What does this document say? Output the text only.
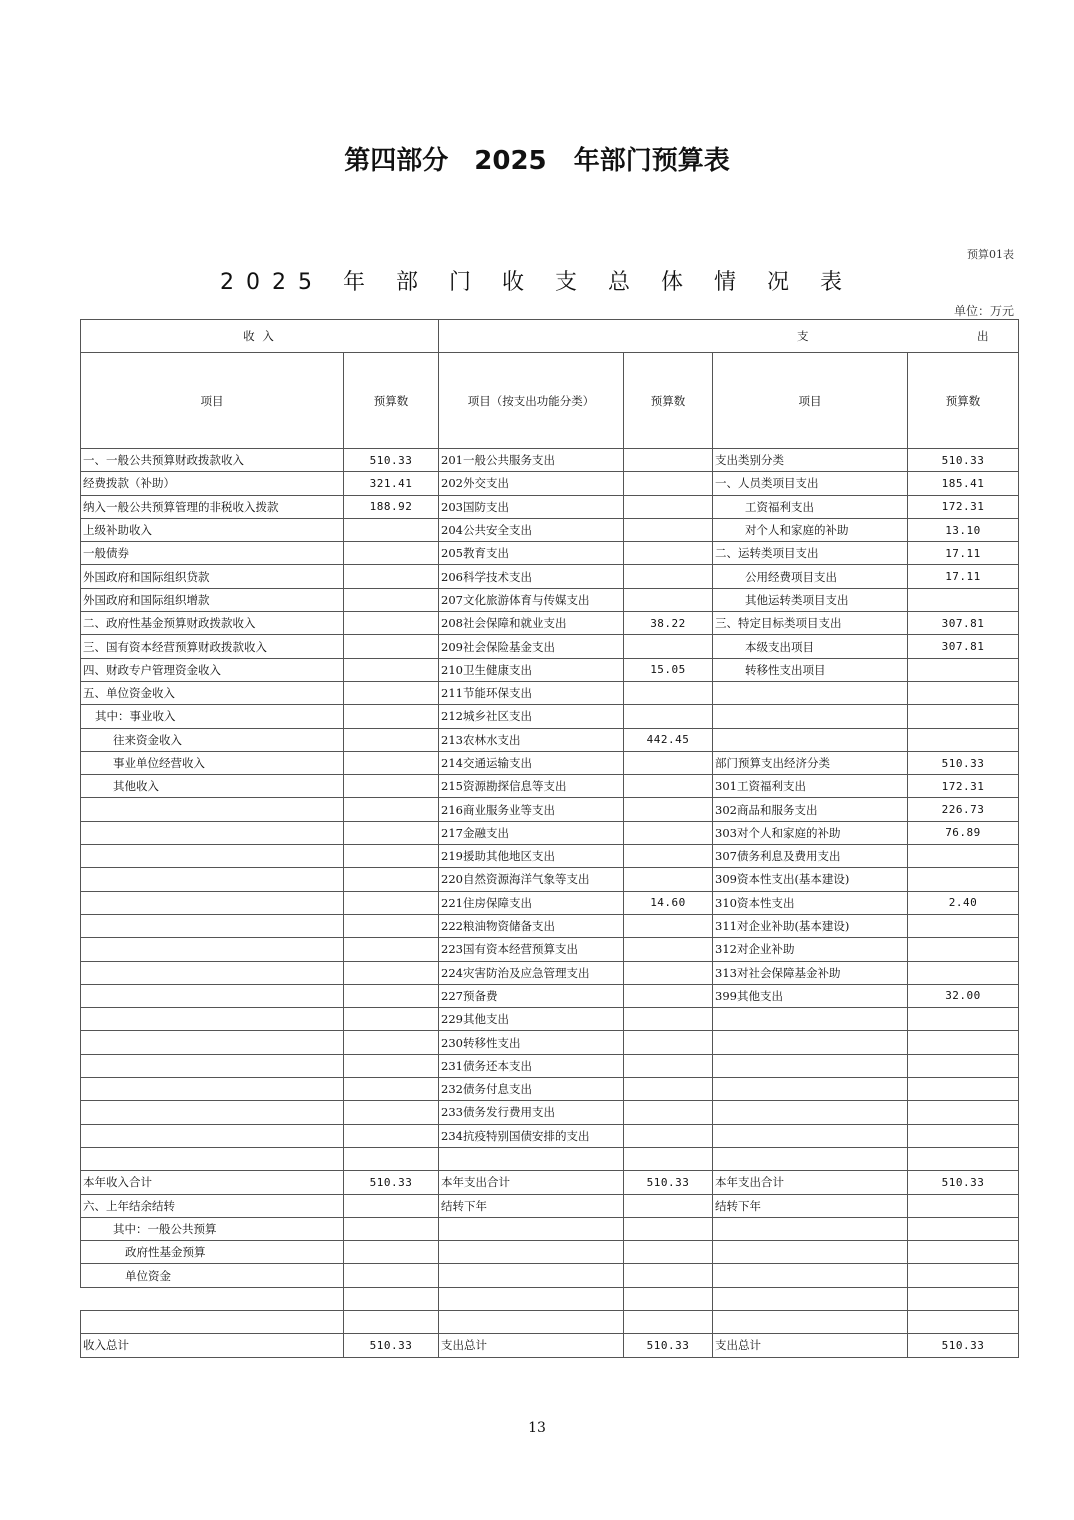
第四部分　2025 年部门预算表
预算01表
2025 年 部 门 收 支 总 体 情 况 表
单位：万元
收 入		支 出			
项目	预算数	项目（按支出功能分类）	预算数	项目	预算数
一、一般公共预算财政拨款收入	510.33	201一般公共服务支出		支出类别分类	510.33
经费拨款（补助）	321.41	202外交支出		一、人员类项目支出	185.41
纳入一般公共预算管理的非税收入拨款	188.92	203国防支出		工资福利支出	172.31
上级补助收入		204公共安全支出		对个人和家庭的补助	13.10
一般债券		205教育支出		二、运转类项目支出	17.11
外国政府和国际组织贷款		206科学技术支出		公用经费项目支出	17.11
外国政府和国际组织增款		207文化旅游体育与传媒支出		其他运转类项目支出	
二、政府性基金预算财政拨款收入		208社会保障和就业支出	38.22	三、特定目标类项目支出	307.81
三、国有资本经营预算财政拨款收入		209社会保险基金支出		本级支出项目	307.81
四、财政专户管理资金收入		210卫生健康支出	15.05	转移性支出项目	
五、单位资金收入		211节能环保支出			
其中：事业收入		212城乡社区支出			
往来资金收入		213农林水支出	442.45		
事业单位经营收入		214交通运输支出		部门预算支出经济分类	510.33
其他收入		215资源勘探信息等支出		301工资福利支出	172.31
		216商业服务业等支出		302商品和服务支出	226.73
		217金融支出		303对个人和家庭的补助	76.89
		219援助其他地区支出		307债务利息及费用支出	
		220自然资源海洋气象等支出		309资本性支出(基本建设)	
		221住房保障支出	14.60	310资本性支出	2.40
		222粮油物资储备支出		311对企业补助(基本建设)	
		223国有资本经营预算支出		312对企业补助	
		224灾害防治及应急管理支出		313对社会保障基金补助	
		227预备费		399其他支出	32.00
		229其他支出			
		230转移性支出			
		231债务还本支出			
		232债务付息支出			
		233债务发行费用支出			
		234抗疫特别国债安排的支出			

本年收入合计	510.33	本年支出合计	510.33	本年支出合计	510.33
六、上年结余结转		结转下年		结转下年	
其中：一般公共预算					
政府性基金预算					
单位资金					

收入总计	510.33	支出总计	510.33	支出总计	510.33
13
